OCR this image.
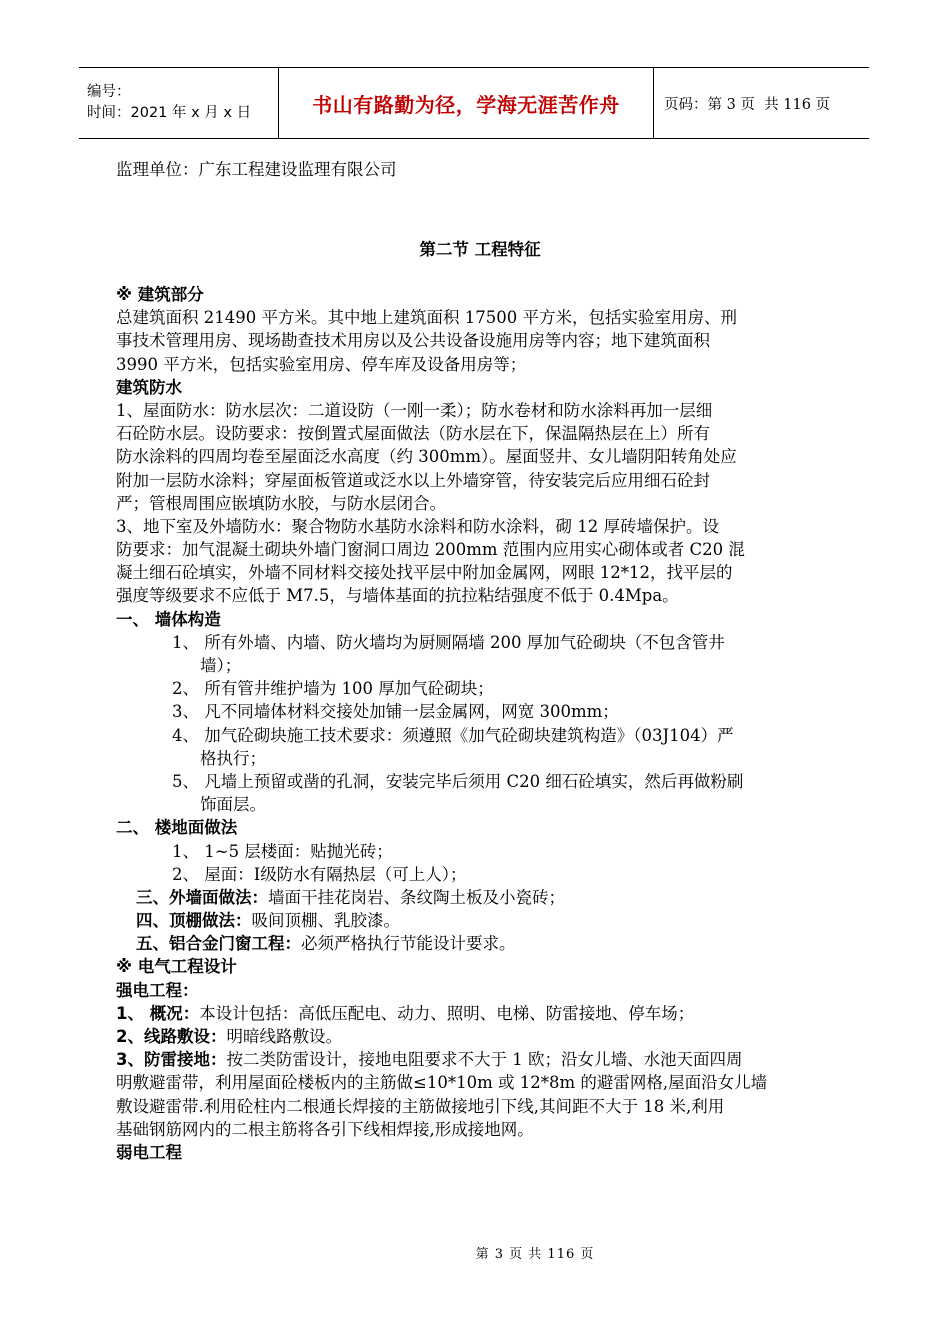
编号：
时间：2021 年 x 月 x 日	书山有路勤为径，学海无涯苦作舟	页码：第 3 页  共 116 页
监理单位：广东工程建设监理有限公司
第二节 工程特征
※ 建筑部分
总建筑面积 21490 平方米。其中地上建筑面积 17500 平方米，包括实验室用房、刑
事技术管理用房、现场勘查技术用房以及公共设备设施用房等内容；地下建筑面积
3990 平方米，包括实验室用房、停车库及设备用房等；
建筑防水
1、屋面防水：防水层次：二道设防（一刚一柔）；防水卷材和防水涂料再加一层细
石砼防水层。设防要求：按倒置式屋面做法（防水层在下，保温隔热层在上）所有
防水涂料的四周均卷至屋面泛水高度（约 300mm）。屋面竖井、女儿墙阴阳转角处应
附加一层防水涂料；穿屋面板管道或泛水以上外墙穿管，待安装完后应用细石砼封
严；管根周围应嵌填防水胶，与防水层闭合。
3、地下室及外墙防水：聚合物防水基防水涂料和防水涂料，砌 12 厚砖墙保护。设
防要求：加气混凝土砌块外墙门窗洞口周边 200mm 范围内应用实心砌体或者 C20 混
凝土细石砼填实，外墙不同材料交接处找平层中附加金属网，网眼 12*12，找平层的
强度等级要求不应低于 M7.5，与墙体基面的抗拉粘结强度不低于 0.4Mpa。
一、 墙体构造
1、 所有外墙、内墙、防火墙均为厨厕隔墙 200 厚加气砼砌块（不包含管井
墙）；
2、 所有管井维护墙为 100 厚加气砼砌块；
3、 凡不同墙体材料交接处加铺一层金属网，网宽 300mm；
4、 加气砼砌块施工技术要求：须遵照《加气砼砌块建筑构造》（03J104）严
格执行；
5、 凡墙上预留或凿的孔洞，安装完毕后须用 C20 细石砼填实，然后再做粉刷
饰面层。
二、 楼地面做法
1、 1~5 层楼面：贴抛光砖；
2、 屋面：Ⅰ级防水有隔热层（可上人）；
三、外墙面做法：墙面干挂花岗岩、条纹陶土板及小瓷砖；
四、顶棚做法：吸间顶棚、乳胶漆。
五、铝合金门窗工程：必须严格执行节能设计要求。
※ 电气工程设计
强电工程：
1、 概况：本设计包括：高低压配电、动力、照明、电梯、防雷接地、停车场；
2、线路敷设：明暗线路敷设。
3、防雷接地：按二类防雷设计，接地电阻要求不大于 1 欧；沿女儿墙、水池天面四周
明敷避雷带，利用屋面砼楼板内的主筋做≤10*10m 或 12*8m 的避雷网格,屋面沿女儿墙
敷设避雷带.利用砼柱内二根通长焊接的主筋做接地引下线,其间距不大于 18 米,利用
基础钢筋网内的二根主筋将各引下线相焊接,形成接地网。
弱电工程
第 3 页 共 116 页
